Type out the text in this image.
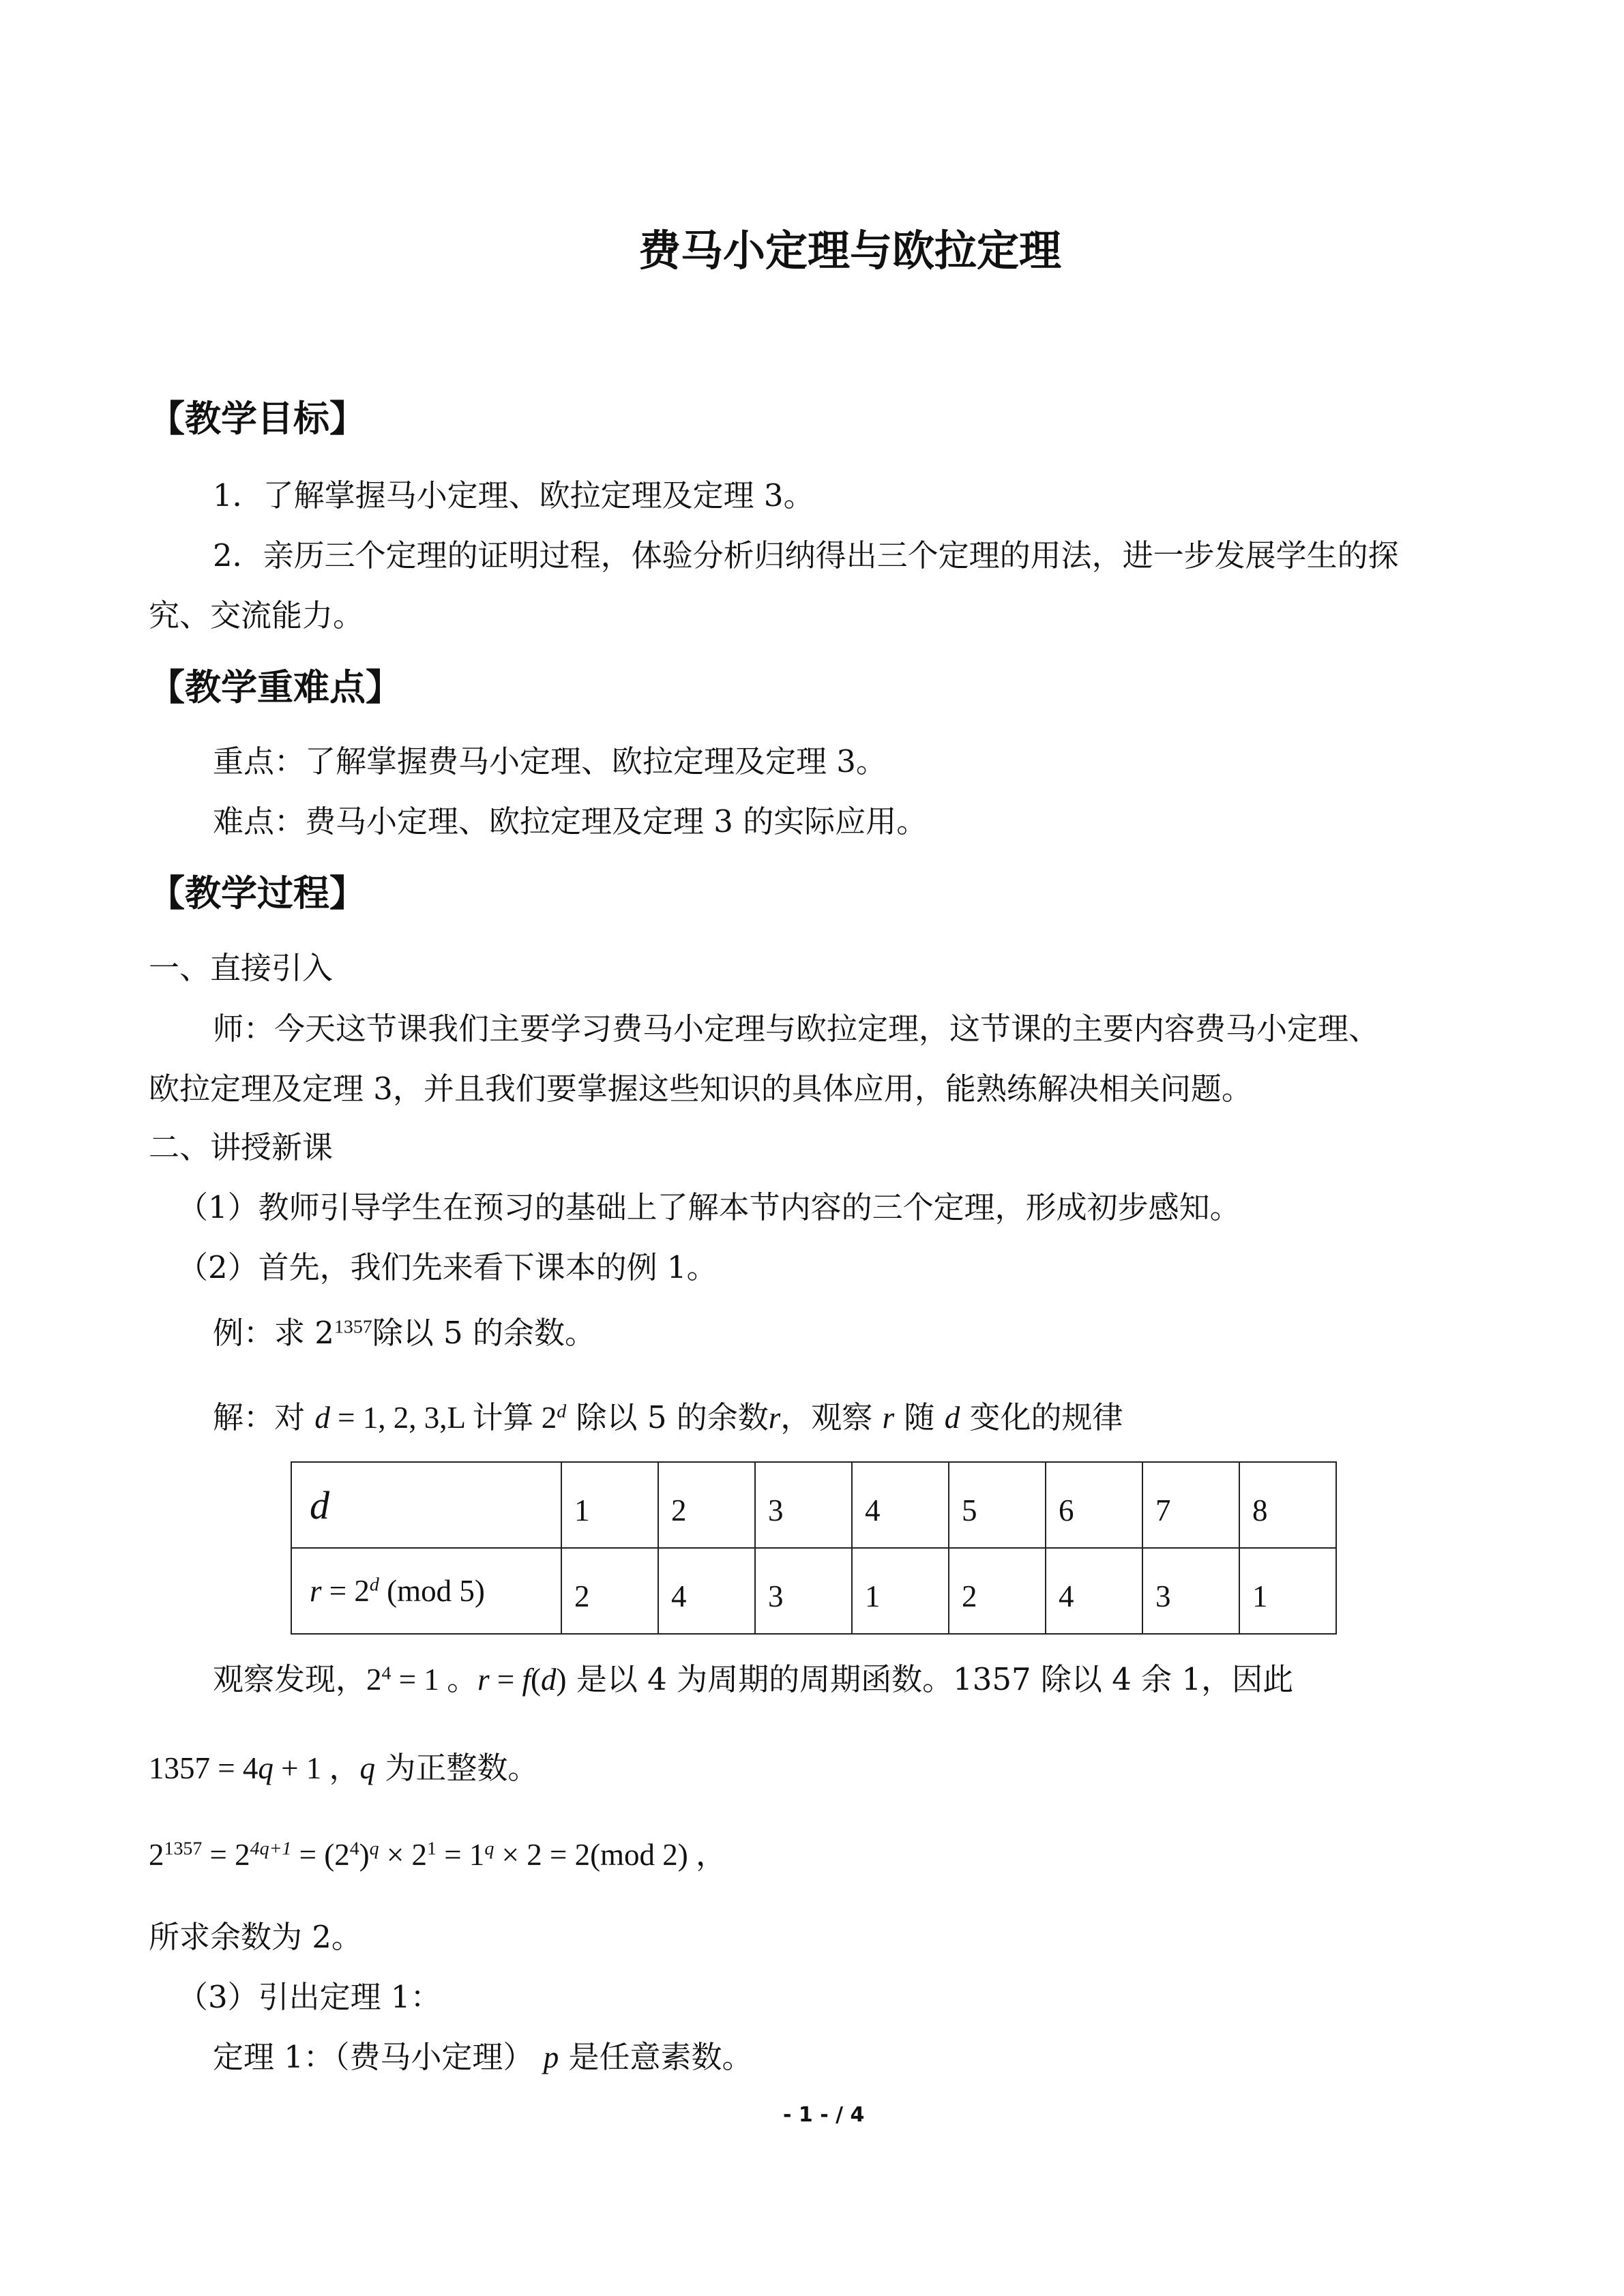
费马小定理与欧拉定理
【教学目标】
1．了解掌握马小定理、欧拉定理及定理 3。
2．亲历三个定理的证明过程，体验分析归纳得出三个定理的用法，进一步发展学生的探
究、交流能力。
【教学重难点】
重点：了解掌握费马小定理、欧拉定理及定理 3。
难点：费马小定理、欧拉定理及定理 3 的实际应用。
【教学过程】
一、直接引入
师：今天这节课我们主要学习费马小定理与欧拉定理，这节课的主要内容费马小定理、
欧拉定理及定理 3，并且我们要掌握这些知识的具体应用，能熟练解决相关问题。
二、讲授新课
（1）教师引导学生在预习的基础上了解本节内容的三个定理，形成初步感知。
（2）首先，我们先来看下课本的例 1。
例：求 $2^{1357}$除以 5 的余数。
解：对 d = 1, 2, 3,L 计算 2$^d$ 除以 5 的余数r，观察 r 随 d 变化的规律
d	1	2	3	4	5	6	7	8
$r = 2^d$ (mod 5)	2	4	3	1	2	4	3	1
观察发现，$2^4 = 1$ 。r = f(d) 是以 4 为周期的周期函数。1357 除以 4 余 1，因此
1357 = 4q + 1 ，q 为正整数。
$2^{1357} = 2^{4q+1} = (2^4)^q \times 2^1 = 1^q \times 2 = 2(mod$ 2) ，
所求余数为 2。
（3）引出定理 1：
定理 1：（费马小定理） p 是任意素数。
- 1 - / 4
